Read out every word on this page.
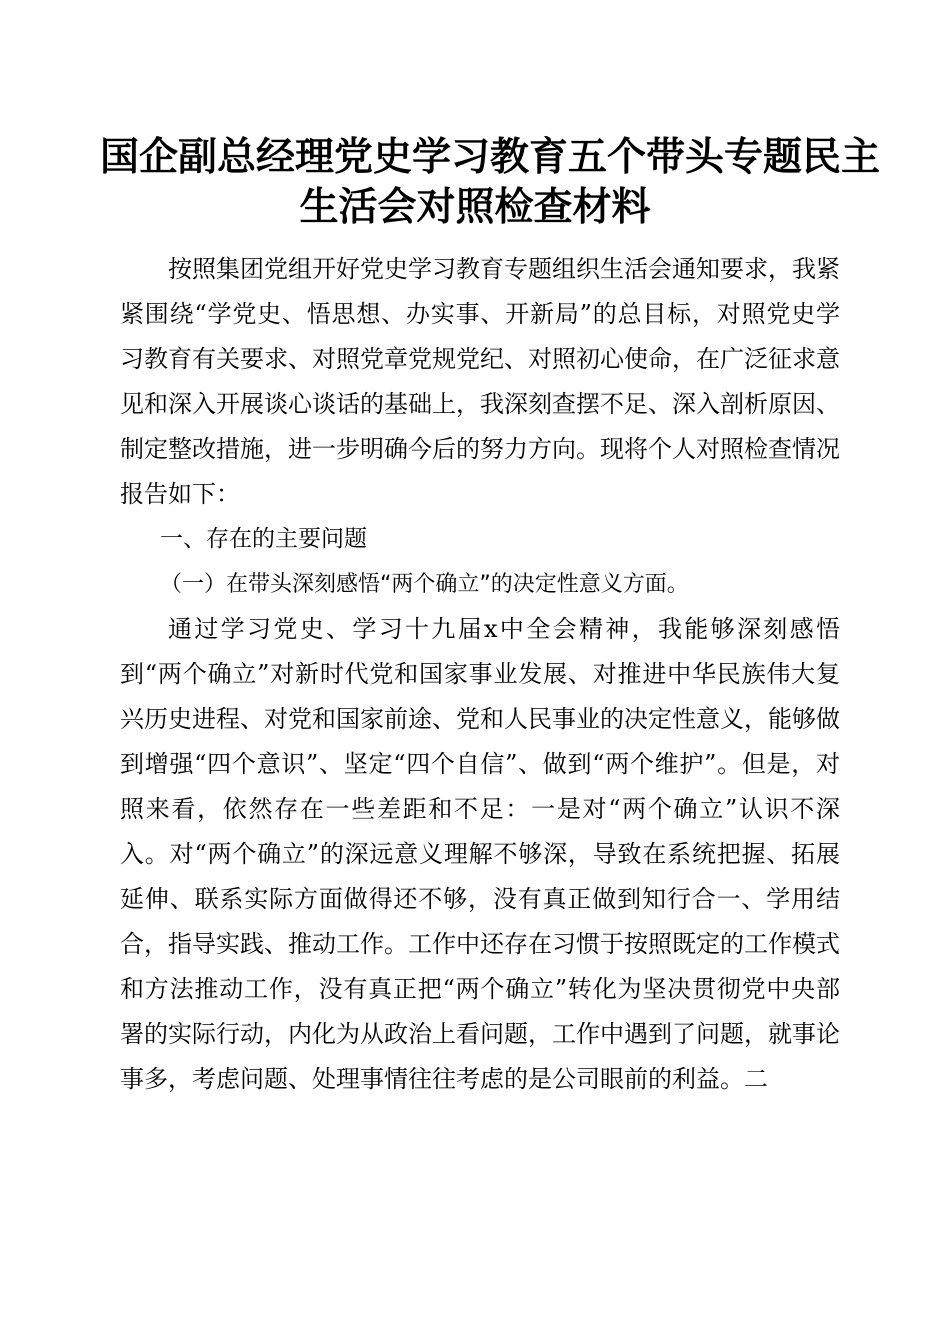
国企副总经理党史学习教育五个带头专题民主
生活会对照检查材料

按照集团党组开好党史学习教育专题组织生活会通知要求，我紧紧围绕“学党史、悟思想、办实事、开新局”的总目标，对照党史学习教育有关要求、对照党章党规党纪、对照初心使命，在广泛征求意见和深入开展谈心谈话的基础上，我深刻查摆不足、深入剖析原因、制定整改措施，进一步明确今后的努力方向。现将个人对照检查情况报告如下：

一、存在的主要问题

（一）在带头深刻感悟“两个确立”的决定性意义方面。

通过学习党史、学习十九届x中全会精神，我能够深刻感悟到“两个确立”对新时代党和国家事业发展、对推进中华民族伟大复兴历史进程、对党和国家前途、党和人民事业的决定性意义，能够做到增强“四个意识”、坚定“四个自信”、做到“两个维护”。但是，对照来看，依然存在一些差距和不足：一是对“两个确立”认识不深入。对“两个确立”的深远意义理解不够深，导致在系统把握、拓展延伸、联系实际方面做得还不够，没有真正做到知行合一、学用结合，指导实践、推动工作。工作中还存在习惯于按照既定的工作模式和方法推动工作，没有真正把“两个确立”转化为坚决贯彻党中央部署的实际行动，内化为从政治上看问题，工作中遇到了问题，就事论事多，考虑问题、处理事情往往考虑的是公司眼前的利益。二
